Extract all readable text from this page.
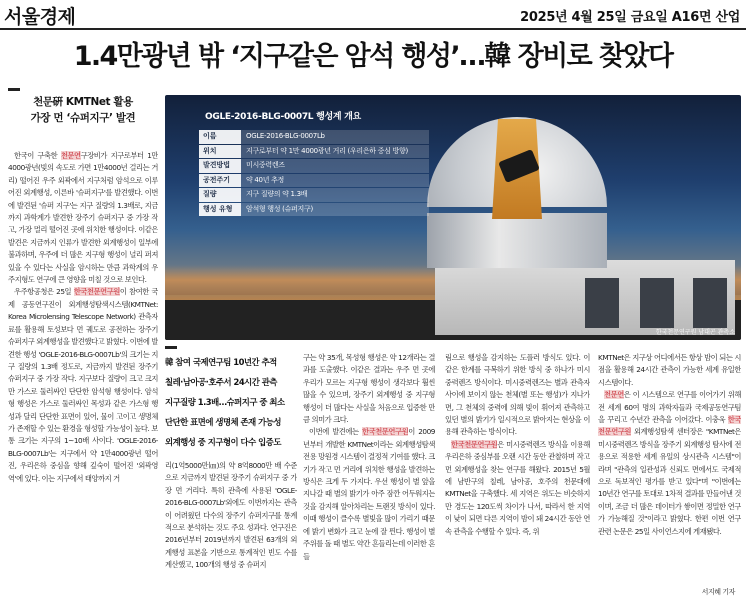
서울경제	2025년 4월 25일 금요일 A16면 산업
1.4만광년 밖 ‘지구같은 암석 행성’…韓 장비로 찾았다
천문硏 KMTNet 활용
가장 먼 ‘슈퍼지구’ 발견

한국이 구축한 천문연구장비가 지구로부터 1만4000광년(빛의 속도로 가면 1만4000년 걸리는 거리) 떨어진 우주 외곽에서 지구처럼 암석으로 이루어진 외계행성, 이른바 '슈퍼지구'를 발견했다. 이번에 발견된 '슈퍼 지구'는 지구 질량의 1.3배로, 지금까지 과학계가 발견한 장주기 슈퍼지구 중 가장 작고, 가장 멀리 떨어진 곳에 위치한 행성이다. 이같은 발견은 지금까지 인류가 발견한 외계행성이 일부에 불과하며, 우주에 더 많은 지구형 행성이 널리 퍼져 있을 수 있다는 사실을 암시하는 만큼 과학계의 우주지형도 연구에 큰 영향을 미칠 것으로 보인다.

우주항공청은 25일 한국천문연구원이 참여한 국제 공동연구진이 외계행성탐색시스템(KMTNet: Korea Microlensing Telescope Network) 관측자료를 활용해 토성보다 먼 궤도로 공전하는 장주기 슈퍼지구 외계행성을 발견했다고 밝혔다. 이번에 발견한 행성 'OGLE-2016-BLG-0007Lb'의 크기는 지구 질량의 1.3배 정도로, 지금까지 발견된 장주기 슈퍼지구 중 가장 작다. 지구보다 질량이 크고 크지만 가스로 둘러싸인 단단한 암석형 행성이다. 암석형 행성은 가스로 둘러싸인 목성과 같은 가스형 행성과 달리 단단한 표면이 있어, 물이 고이고 생명체가 존재할 수 있는 환경을 형성할 가능성이 높다. 보통 크기는 지구의 1~10배 사이다. 'OGLE-2016-BLG-0007Lb'는 지구에서 약 1만4000광년 떨어진, 우리은하 중심을 향해 깊숙이 떨어진 '외곽영역'에 있다. 이는 지구에서 태양까지 거

한국천문연구원 남대곤 관측소
OGLE-2016-BLG-0007L 행성계 개요
이름	OGLE-2016-BLG-0007Lb
위치	지구로부터 약 1만 4000광년 거리 (우리은하 중심 방향)
발견방법	미시중력렌즈
공전주기	약 40년 추정
질량	지구 질량의 약 1.3배
행성 유형	암석형 행성 (슈퍼지구)
韓 참여 국제연구팀 10년간 추적
칠레·남아공·호주서 24시간 관측
지구질량 1.3배…슈퍼지구 중 최소
단단한 표면에 생명체 존재 가능성
외계행성 중 지구형이 다수 입증도

리(1억5000만㎞)의 약 8억8000만 배 수준으로 지금까지 발견된 장주기 슈퍼지구 중 가장 먼 거리다. 특히 관측에 사용된 'OGLE-2016-BLG-0007Lb'외에도 이번까지는 관측이 어려웠던 다수의 장주기 슈퍼지구를 통계적으로 분석하는 것도 주요 성과다. 연구진은 2016년부터 2019년까지 발견된 63개의 외계행성 표본을 기반으로 통계적인 빈도 수를 계산했고, 100개의 행성 중 슈퍼지

구는 약 35개, 목성형 행성은 약 12개라는 결과를 도출했다. 이같은 결과는 우주 먼 곳에 우리가 모르는 지구형 행성이 생각보다 훨씬 많을 수 있으며, 장주기 외계행성 중 지구형 행성이 더 많다는 사실을 처음으로 입증한 만큼 의미가 크다.

이번에 발견에는 한국천문연구원이 2009년부터 개발한 KMTNet이라는 외계행성탐색 전용 망원경 시스템이 결정적 기여를 했다. 크기가 작고 먼 거리에 위치한 행성을 발견하는 방식은 크게 두 가지다. 우선 행성이 별 앞을 지나갈 때 별의 밝기가 아주 잠깐 어두워지는 것을 감지해 알아차리는 트랜짓 방식이 있다. 이때 행성이 클수록 별빛을 많이 가리기 때문에 밝기 변화가 크고 눈에 잘 띈다. 행성이 별 주위를 돌 때 별도 약간 흔들리는데 이러한 흔들

림으로 행성을 감지하는 도플러 방식도 있다. 이같은 한계를 극복하기 위한 방식 중 하나가 미시중력렌즈 방식이다. 미시중력렌즈는 별과 관측자 사이에 보이지 않는 천체(별 또는 행성)가 지나가면, 그 천체의 중력에 의해 빛이 휘어져 관측하고 있던 별의 밝기가 일시적으로 밝아지는 현상을 이용해 관측하는 방식이다.

한국천문연구원은 미시중력렌즈 방식을 이용해 우리은하 중심부를 오랜 시간 동안 관찰하며 작고 먼 외계행성을 찾는 연구를 해왔다. 2015년 5월에 남반구의 칠레, 남아공, 호주의 천문대에 KMTNet을 구축했다. 세 지역은 위도는 비슷하지만 경도는 120도씩 차이가 나서, 따라서 한 지역이 낮이 되면 다른 지역이 밤이 돼 24시간 동안 연속 관측을 수행할 수 있다. 즉, 위

KMTNet은 지구상 어디에서든 항상 밤이 되는 시점을 활용해 24시간 관측이 가능한 세계 유일한 시스템이다.

천문연은 이 시스템으로 연구를 이어가기 위해 전 세계 60여 명의 과학자들과 국제공동연구팀을 꾸리고 수년간 관측을 이어갔다. 이충욱 한국천문연구원 외계행성탐색 센터장은 "KMTNet은 미시중력렌즈 방식을 장주기 외계행성 탐사에 전용으로 적용한 세계 유일의 상시관측 시스템"이라며 "관측의 일관성과 신뢰도 면에서도 국제적으로 독보적인 평가를 받고 있다"며 "이번에는 10년간 연구를 토대로 1차적 결과를 만들어낸 것이며, 조금 더 많은 데이터가 쌓이면 정밀한 연구가 가능해질 것"이라고 밝혔다. 한편 이번 연구 관련 논문은 25일 사이언스지에 게재됐다.

서지혜 기자
